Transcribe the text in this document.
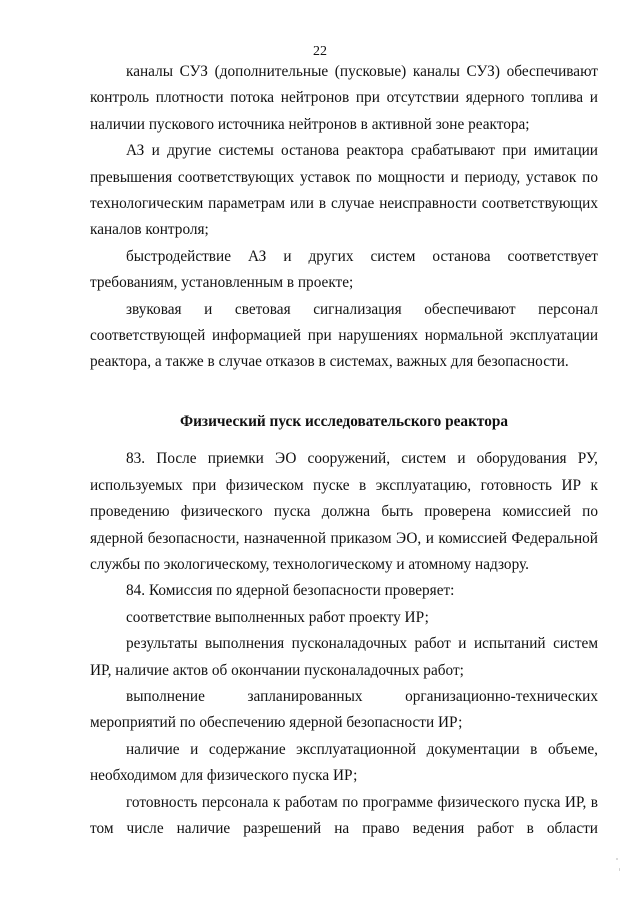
22

каналы СУЗ (дополнительные (пусковые) каналы СУЗ) обеспечивают контроль плотности потока нейтронов при отсутствии ядерного топлива и наличии пускового источника нейтронов в активной зоне реактора;

АЗ и другие системы останова реактора срабатывают при имитации превышения соответствующих уставок по мощности и периоду, уставок по технологическим параметрам или в случае неисправности соответствующих каналов контроля;

быстродействие АЗ и других систем останова соответствует требованиям, установленным в проекте;

звуковая и световая сигнализация обеспечивают персонал соответствующей информацией при нарушениях нормальной эксплуатации реактора, а также в случае отказов в системах, важных для безопасности.

Физический пуск исследовательского реактора

83. После приемки ЭО сооружений, систем и оборудования РУ, используемых при физическом пуске в эксплуатацию, готовность ИР к проведению физического пуска должна быть проверена комиссией по ядерной безопасности, назначенной приказом ЭО, и комиссией Федеральной службы по экологическому, технологическому и атомному надзору.

84. Комиссия по ядерной безопасности проверяет:

соответствие выполненных работ проекту ИР;

результаты выполнения пусконаладочных работ и испытаний систем ИР, наличие актов об окончании пусконаладочных работ;

выполнение запланированных организационно-технических мероприятий по обеспечению ядерной безопасности ИР;

наличие и содержание эксплуатационной документации в объеме, необходимом для физического пуска ИР;

готовность персонала к работам по программе физического пуска ИР, в том числе наличие разрешений на право ведения работ в области
